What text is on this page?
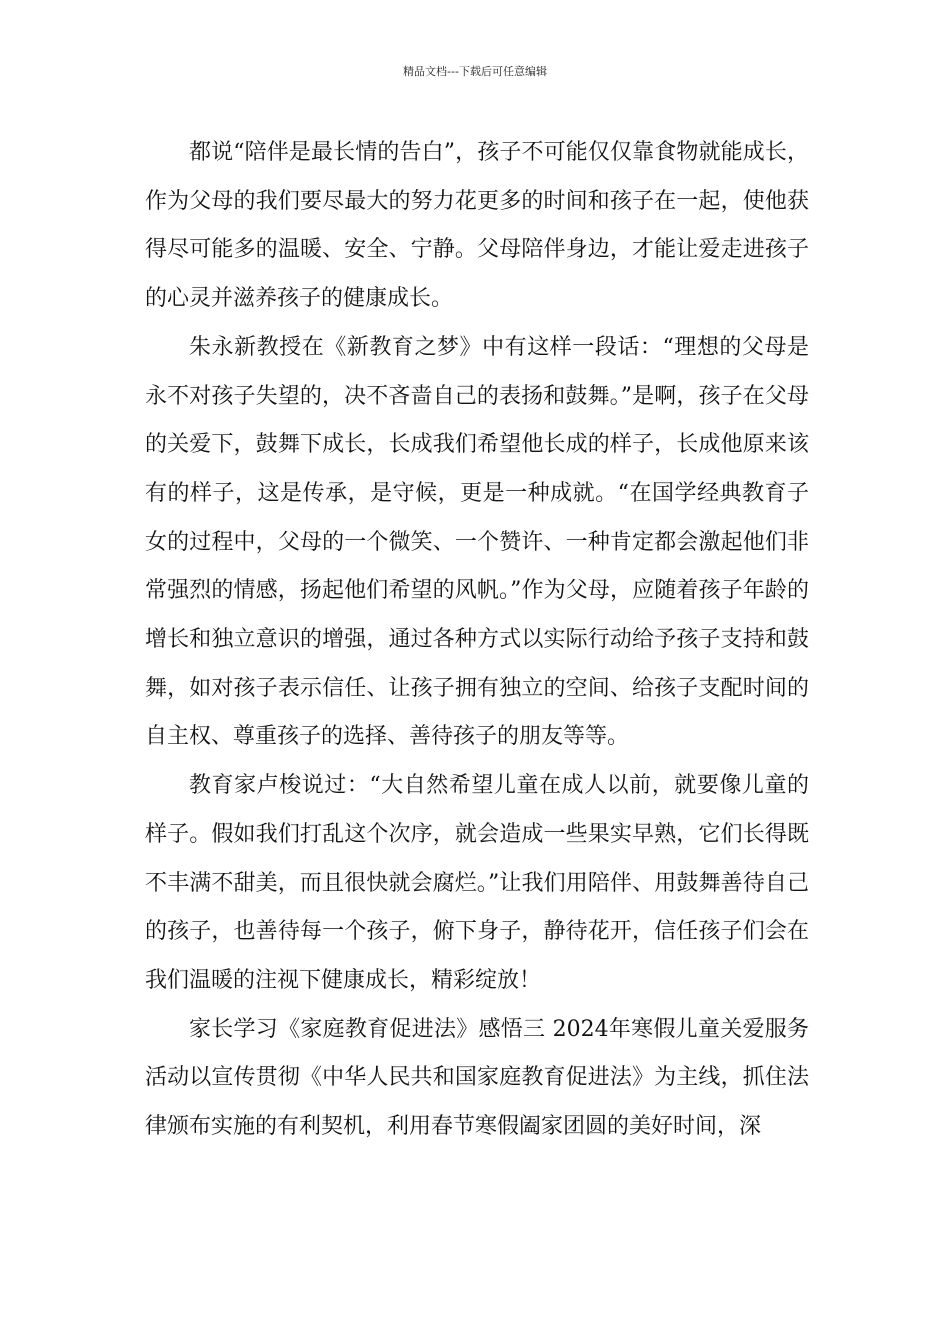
精品文档---下载后可任意编辑

都说“陪伴是最长情的告白”，孩子不可能仅仅靠食物就能成长，作为父母的我们要尽最大的努力花更多的时间和孩子在一起，使他获得尽可能多的温暖、安全、宁静。父母陪伴身边，才能让爱走进孩子的心灵并滋养孩子的健康成长。

朱永新教授在《新教育之梦》中有这样一段话：“理想的父母是永不对孩子失望的，决不吝啬自己的表扬和鼓舞。”是啊，孩子在父母的关爱下，鼓舞下成长，长成我们希望他长成的样子，长成他原来该有的样子，这是传承，是守候，更是一种成就。“在国学经典教育子女的过程中，父母的一个微笑、一个赞许、一种肯定都会激起他们非常强烈的情感，扬起他们希望的风帆。”作为父母，应随着孩子年龄的增长和独立意识的增强，通过各种方式以实际行动给予孩子支持和鼓舞，如对孩子表示信任、让孩子拥有独立的空间、给孩子支配时间的自主权、尊重孩子的选择、善待孩子的朋友等等。

教育家卢梭说过：“大自然希望儿童在成人以前，就要像儿童的样子。假如我们打乱这个次序，就会造成一些果实早熟，它们长得既不丰满不甜美，而且很快就会腐烂。”让我们用陪伴、用鼓舞善待自己的孩子，也善待每一个孩子，俯下身子，静待花开，信任孩子们会在我们温暖的注视下健康成长，精彩绽放！

家长学习《家庭教育促进法》感悟三 2024年寒假儿童关爱服务活动以宣传贯彻《中华人民共和国家庭教育促进法》为主线，抓住法律颁布实施的有利契机，利用春节寒假阖家团圆的美好时间，深
